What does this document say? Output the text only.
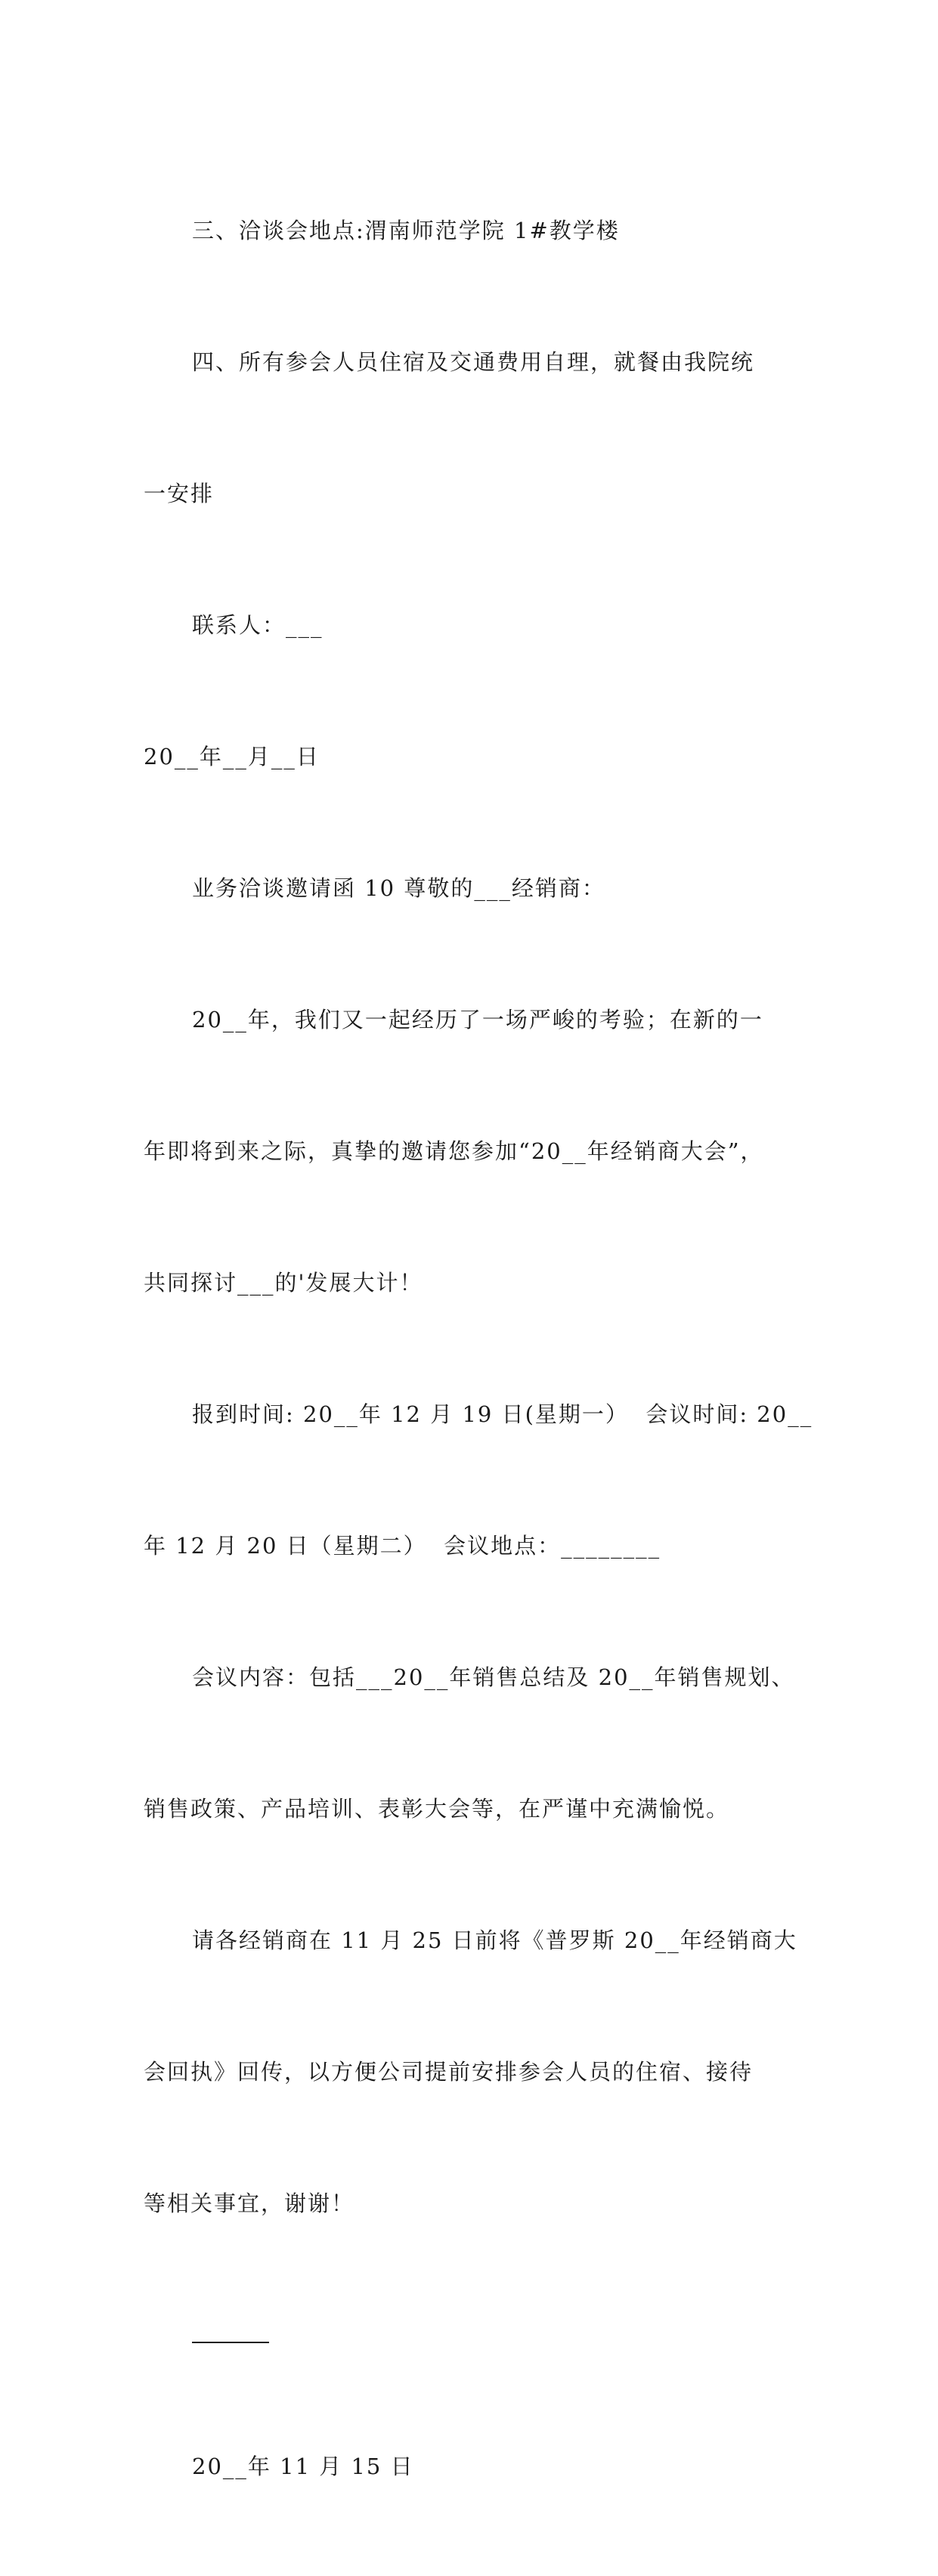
三、洽谈会地点:渭南师范学院 1#教学楼

四、所有参会人员住宿及交通费用自理，就餐由我院统

一安排

联系人：___

20__年__月__日

业务洽谈邀请函 10 尊敬的___经销商：

20__年，我们又一起经历了一场严峻的考验；在新的一

年即将到来之际，真挚的邀请您参加“20__年经销商大会”，

共同探讨___的'发展大计！

报到时间: 20__年 12 月 19 日(星期一）  会议时间: 20__

年 12 月 20 日（星期二）  会议地点：________

会议内容：包括___20__年销售总结及 20__年销售规划、

销售政策、产品培训、表彰大会等，在严谨中充满愉悦。

请各经销商在 11 月 25 日前将《普罗斯 20__年经销商大

会回执》回传，以方便公司提前安排参会人员的住宿、接待

等相关事宜，谢谢！

20__年 11 月 15 日
